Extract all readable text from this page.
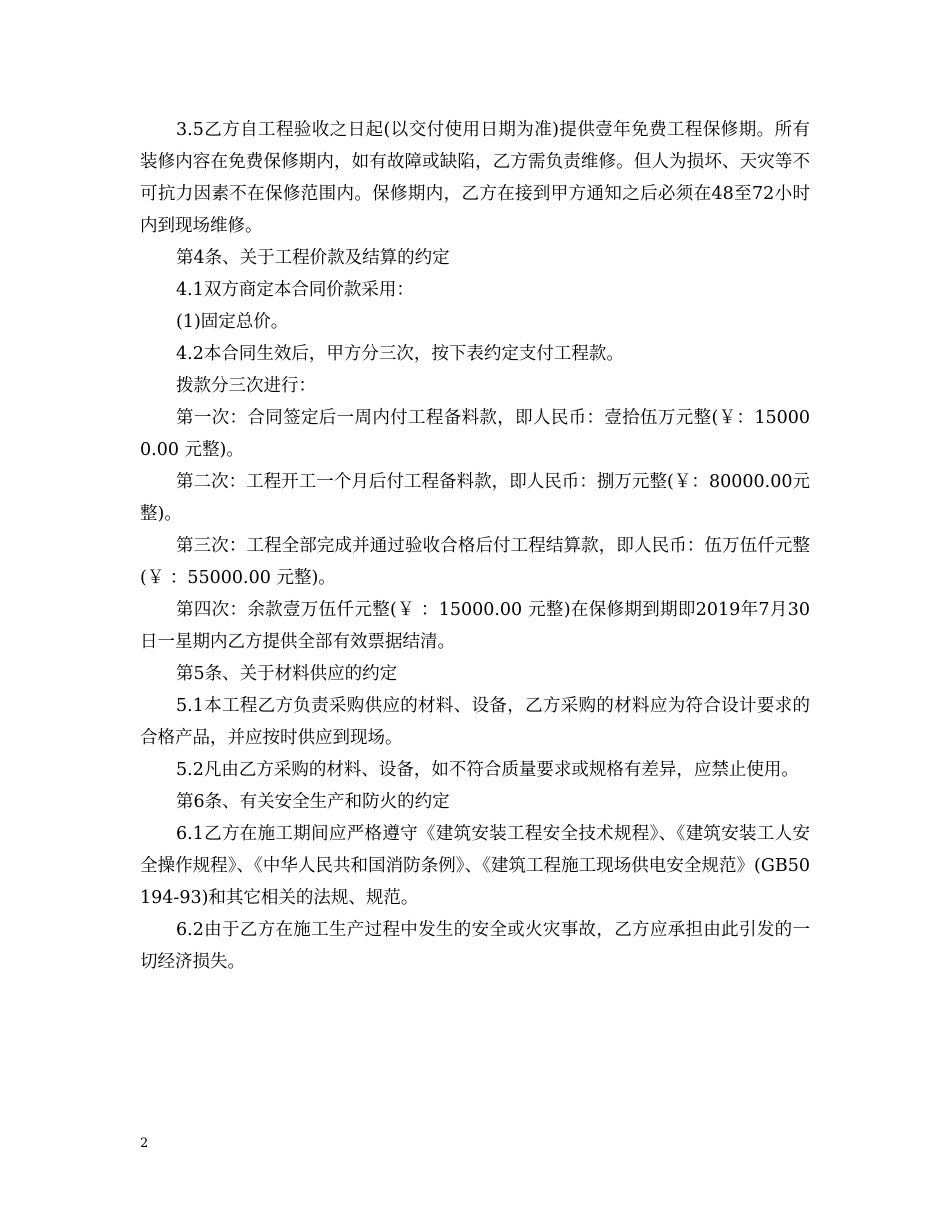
3.5乙方自工程验收之日起(以交付使用日期为准)提供壹年免费工程保修期。所有装修内容在免费保修期内，如有故障或缺陷，乙方需负责维修。但人为损坏、天灾等不可抗力因素不在保修范围内。保修期内，乙方在接到甲方通知之后必须在48至72小时内到现场维修。

第4条、关于工程价款及结算的约定

4.1双方商定本合同价款采用：

(1)固定总价。

4.2本合同生效后，甲方分三次，按下表约定支付工程款。

拨款分三次进行：

第一次：合同签定后一周内付工程备料款，即人民币：壹拾伍万元整(￥：150000.00 元整)。

第二次：工程开工一个月后付工程备料款，即人民币：捌万元整(￥：80000.00元整)。

第三次：工程全部完成并通过验收合格后付工程结算款，即人民币：伍万伍仟元整(￥ ：55000.00 元整)。

第四次：余款壹万伍仟元整(￥ ：15000.00 元整)在保修期到期即2019年7月30日一星期内乙方提供全部有效票据结清。

第5条、关于材料供应的约定

5.1本工程乙方负责采购供应的材料、设备，乙方采购的材料应为符合设计要求的合格产品，并应按时供应到现场。

5.2凡由乙方采购的材料、设备，如不符合质量要求或规格有差异，应禁止使用。

第6条、有关安全生产和防火的约定

6.1乙方在施工期间应严格遵守《建筑安装工程安全技术规程》、《建筑安装工人安全操作规程》、《中华人民共和国消防条例》、《建筑工程施工现场供电安全规范》(GB50194-93)和其它相关的法规、规范。

6.2由于乙方在施工生产过程中发生的安全或火灾事故，乙方应承担由此引发的一切经济损失。

2
